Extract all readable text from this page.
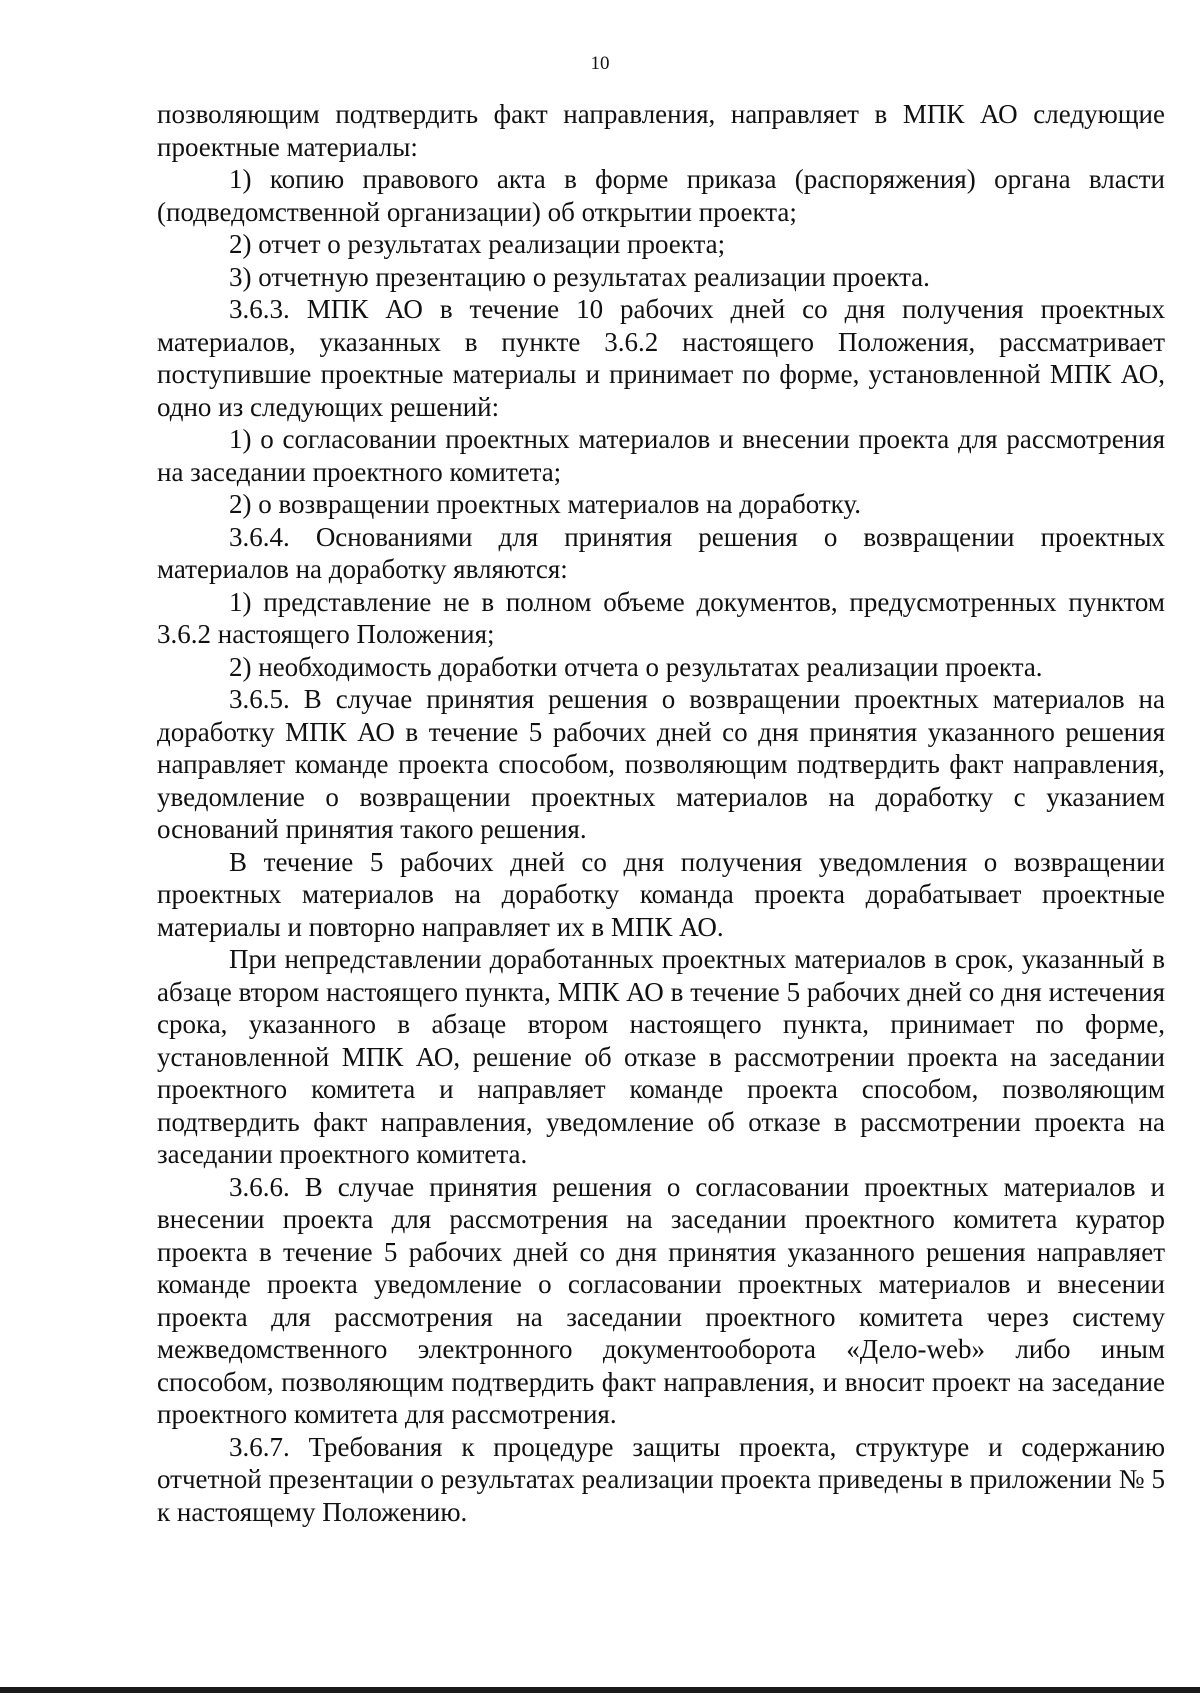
10

позволяющим подтвердить факт направления, направляет в МПК АО следующие проектные материалы:

1) копию правового акта в форме приказа (распоряжения) органа власти (подведомственной организации) об открытии проекта;

2) отчет о результатах реализации проекта;

3) отчетную презентацию о результатах реализации проекта.

3.6.3. МПК АО в течение 10 рабочих дней со дня получения проектных материалов, указанных в пункте 3.6.2 настоящего Положения, рассматривает поступившие проектные материалы и принимает по форме, установленной МПК АО, одно из следующих решений:

1) о согласовании проектных материалов и внесении проекта для рассмотрения на заседании проектного комитета;

2) о возвращении проектных материалов на доработку.

3.6.4. Основаниями для принятия решения о возвращении проектных материалов на доработку являются:

1) представление не в полном объеме документов, предусмотренных пунктом 3.6.2 настоящего Положения;

2) необходимость доработки отчета о результатах реализации проекта.

3.6.5. В случае принятия решения о возвращении проектных материалов на доработку МПК АО в течение 5 рабочих дней со дня принятия указанного решения направляет команде проекта способом, позволяющим подтвердить факт направления, уведомление о возвращении проектных материалов на доработку с указанием оснований принятия такого решения.

В течение 5 рабочих дней со дня получения уведомления о возвращении проектных материалов на доработку команда проекта дорабатывает проектные материалы и повторно направляет их в МПК АО.

При непредставлении доработанных проектных материалов в срок, указанный в абзаце втором настоящего пункта, МПК АО в течение 5 рабочих дней со дня истечения срока, указанного в абзаце втором настоящего пункта, принимает по форме, установленной МПК АО, решение об отказе в рассмотрении проекта на заседании проектного комитета и направляет команде проекта способом, позволяющим подтвердить факт направления, уведомление об отказе в рассмотрении проекта на заседании проектного комитета.

3.6.6. В случае принятия решения о согласовании проектных материалов и внесении проекта для рассмотрения на заседании проектного комитета куратор проекта в течение 5 рабочих дней со дня принятия указанного решения направляет команде проекта уведомление о согласовании проектных материалов и внесении проекта для рассмотрения на заседании проектного комитета через систему межведомственного электронного документооборота «Дело-web» либо иным способом, позволяющим подтвердить факт направления, и вносит проект на заседание проектного комитета для рассмотрения.

3.6.7. Требования к процедуре защиты проекта, структуре и содержанию отчетной презентации о результатах реализации проекта приведены в приложении № 5 к настоящему Положению.
